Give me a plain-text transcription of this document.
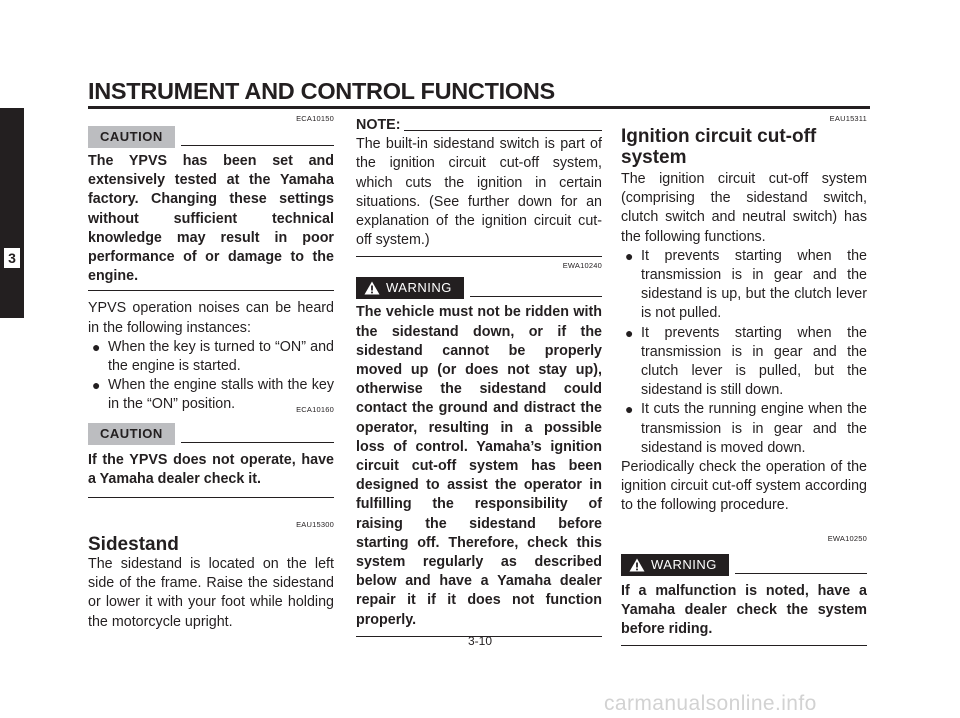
INSTRUMENT AND CONTROL FUNCTIONS
3
ECA10150
CAUTION

The YPVS has been set and extensively tested at the Yamaha factory. Changing these settings without sufficient technical knowledge may result in poor performance of or damage to the engine.

YPVS operation noises can be heard in the following instances:

● When the key is turned to “ON” and the engine is started.
● When the engine stalls with the key in the “ON” position.	ECA10160
CAUTION

If the YPVS does not operate, have a Yamaha dealer check it.

EAU15300

Sidestand

The sidestand is located on the left side of the frame. Raise the sidestand or lower it with your foot while holding the motorcycle upright.

NOTE:

The built-in sidestand switch is part of the ignition circuit cut-off system, which cuts the ignition in certain situations. (See further down for an explanation of the ignition circuit cut-off system.)

EWA10240
WARNING

The vehicle must not be ridden with the sidestand down, or if the sidestand cannot be properly moved up (or does not stay up), otherwise the sidestand could contact the ground and distract the operator, resulting in a possible loss of control. Yamaha’s ignition circuit cut-off system has been designed to assist the operator in fulfilling the responsibility of raising the sidestand before starting off. Therefore, check this system regularly as described below and have a Yamaha dealer repair it if it does not function properly.

EAU15311

Ignition circuit cut-off system

The ignition circuit cut-off system (comprising the sidestand switch, clutch switch and neutral switch) has the following functions.

● It prevents starting when the transmission is in gear and the sidestand is up, but the clutch lever is not pulled.
● It prevents starting when the transmission is in gear and the clutch lever is pulled, but the sidestand is still down.
● It cuts the running engine when the transmission is in gear and the sidestand is moved down.

Periodically check the operation of the ignition circuit cut-off system according to the following procedure.

EWA10250
WARNING

If a malfunction is noted, have a Yamaha dealer check the system before riding.

3-10
carmanualsonline.info
